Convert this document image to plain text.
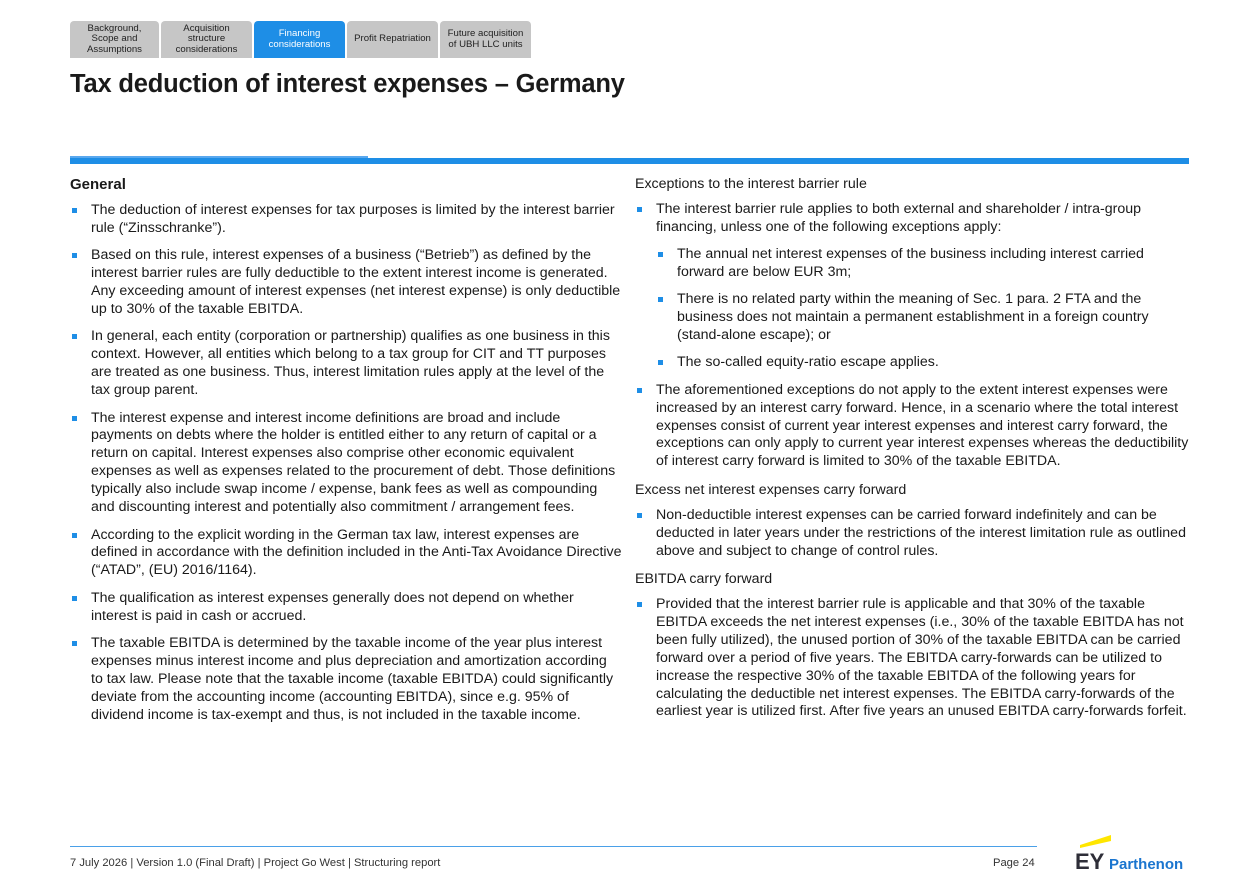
Background,
Scope and
Assumptions
Acquisition
structure
considerations
Financing
considerations Profit Repatriation Future acquisition
of UBH LLC units
Tax deduction of interest expenses – Germany
General
The deduction of interest expenses for tax purposes is limited by the interest barrier rule (“Zinsschranke”).
Based on this rule, interest expenses of a business (“Betrieb”) as defined by the interest barrier rules are fully deductible to the extent interest income is generated. Any exceeding amount of interest expenses (net interest expense) is only deductible up to 30% of the taxable EBITDA.
In general, each entity (corporation or partnership) qualifies as one business in this context. However, all entities which belong to a tax group for CIT and TT purposes are treated as one business. Thus, interest limitation rules apply at the level of the tax group parent.
The interest expense and interest income definitions are broad and include payments on debts where the holder is entitled either to any return of capital or a return on capital. Interest expenses also comprise other economic equivalent expenses as well as expenses related to the procurement of debt. Those definitions typically also include swap income / expense, bank fees as well as compounding and discounting interest and potentially also commitment / arrangement fees.
According to the explicit wording in the German tax law, interest expenses are defined in accordance with the definition included in the Anti-Tax Avoidance Directive (“ATAD”, (EU) 2016/1164).
The qualification as interest expenses generally does not depend on whether interest is paid in cash or accrued.
The taxable EBITDA is determined by the taxable income of the year plus interest expenses minus interest income and plus depreciation and amortization according to tax law. Please note that the taxable income (taxable EBITDA) could significantly deviate from the accounting income (accounting EBITDA), since e.g. 95% of dividend income is tax-exempt and thus, is not included in the taxable income.
Exceptions to the interest barrier rule
The interest barrier rule applies to both external and shareholder / intra-group financing, unless one of the following exceptions apply:
The annual net interest expenses of the business including interest carried forward are below EUR 3m;
There is no related party within the meaning of Sec. 1 para. 2 FTA and the business does not maintain a permanent establishment in a foreign country (stand-alone escape); or
The so-called equity-ratio escape applies.
The aforementioned exceptions do not apply to the extent interest expenses were increased by an interest carry forward. Hence, in a scenario where the total interest expenses consist of current year interest expenses and interest carry forward, the exceptions can only apply to current year interest expenses whereas the deductibility of interest carry forward is limited to 30% of the taxable EBITDA.
Excess net interest expenses carry forward
Non-deductible interest expenses can be carried forward indefinitely and can be deducted in later years under the restrictions of the interest limitation rule as outlined above and subject to change of control rules.
EBITDA carry forward
Provided that the interest barrier rule is applicable and that 30% of the taxable EBITDA exceeds the net interest expenses (i.e., 30% of the taxable EBITDA has not been fully utilized), the unused portion of 30% of the taxable EBITDA can be carried forward over a period of five years. The EBITDA carry-forwards can be utilized to increase the respective 30% of the taxable EBITDA of the following years for calculating the deductible net interest expenses. The EBITDA carry-forwards of the earliest year is utilized first. After five years an unused EBITDA carry-forwards forfeit.
7 July 2026 | Version 1.0 (Final Draft) | Project Go West | Structuring report	Page 24 EY Parthenon
